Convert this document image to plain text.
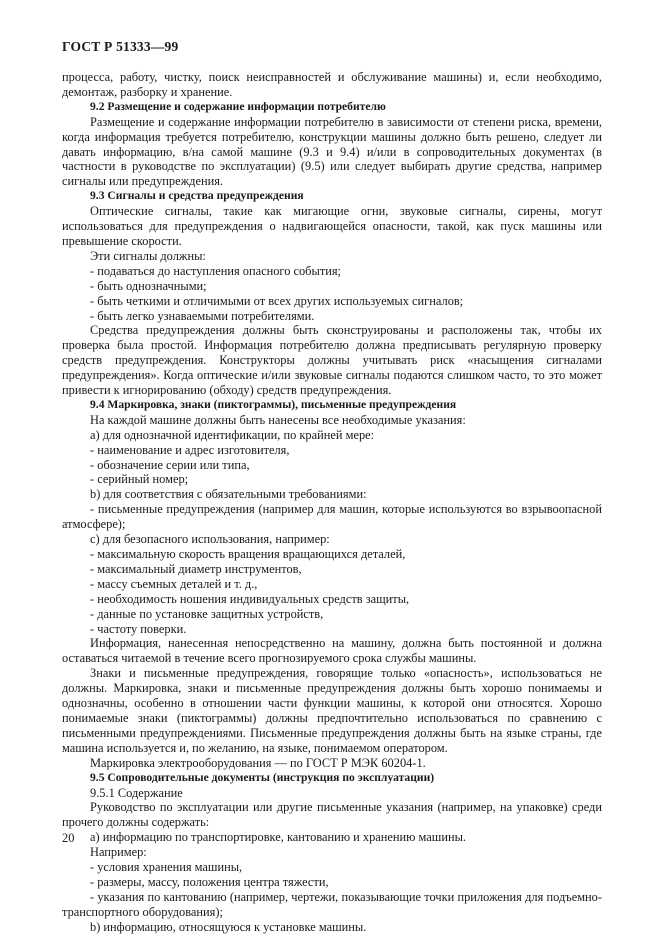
ГОСТ Р 51333—99

процесса, работу, чистку, поиск неисправностей и обслуживание машины) и, если необходимо, демонтаж, разборку и хранение.

9.2 Размещение и содержание информации потребителю

Размещение и содержание информации потребителю в зависимости от степени риска, времени, когда информация требуется потребителю, конструкции машины должно быть решено, следует ли давать информацию, в/на самой машине (9.3 и 9.4) и/или в сопроводительных документах (в частности в руководстве по эксплуатации) (9.5) или следует выбирать другие средства, например сигналы или предупреждения.

9.3 Сигналы и средства предупреждения

Оптические сигналы, такие как мигающие огни, звуковые сигналы, сирены, могут использоваться для предупреждения о надвигающейся опасности, такой, как пуск машины или превышение скорости.

Эти сигналы должны:

- подаваться до наступления опасного события;

- быть однозначными;

- быть четкими и отличимыми от всех других используемых сигналов;

- быть легко узнаваемыми потребителями.

Средства предупреждения должны быть сконструированы и расположены так, чтобы их проверка была простой. Информация потребителю должна предписывать регулярную проверку средств предупреждения. Конструкторы должны учитывать риск «насыщения сигналами предупреждения». Когда оптические и/или звуковые сигналы подаются слишком часто, то это может привести к игнорированию (обходу) средств предупреждения.

9.4 Маркировка, знаки (пиктограммы), письменные предупреждения

На каждой машине должны быть нанесены все необходимые указания:

a) для однозначной идентификации, по крайней мере:

- наименование и адрес изготовителя,

- обозначение серии или типа,

- серийный номер;

b) для соответствия с обязательными требованиями:

- письменные предупреждения (например для машин, которые используются во взрывоопасной атмосфере);

c) для безопасного использования, например:

- максимальную скорость вращения вращающихся деталей,

- максимальный диаметр инструментов,

- массу съемных деталей и т. д.,

- необходимость ношения индивидуальных средств защиты,

- данные по установке защитных устройств,

- частоту поверки.

Информация, нанесенная непосредственно на машину, должна быть постоянной и должна оставаться читаемой в течение всего прогнозируемого срока службы машины.

Знаки и письменные предупреждения, говорящие только «опасность», использоваться не должны. Маркировка, знаки и письменные предупреждения должны быть хорошо понимаемы и однозначны, особенно в отношении части функции машины, к которой они относятся. Хорошо понимаемые знаки (пиктограммы) должны предпочтительно использоваться по сравнению с письменными предупреждениями. Письменные предупреждения должны быть на языке страны, где машина используется и, по желанию, на языке, понимаемом оператором.

Маркировка электрооборудования — по ГОСТ Р МЭК 60204-1.

9.5 Сопроводительные документы (инструкция по эксплуатации)

9.5.1 Содержание

Руководство по эксплуатации или другие письменные указания (например, на упаковке) среди прочего должны содержать:

a) информацию по транспортировке, кантованию и хранению машины.

Например:

- условия хранения машины,

- размеры, массу, положения центра тяжести,

- указания по кантованию (например, чертежи, показывающие точки приложения для подъемно-транспортного оборудования);

b) информацию, относящуюся к установке машины.

20
